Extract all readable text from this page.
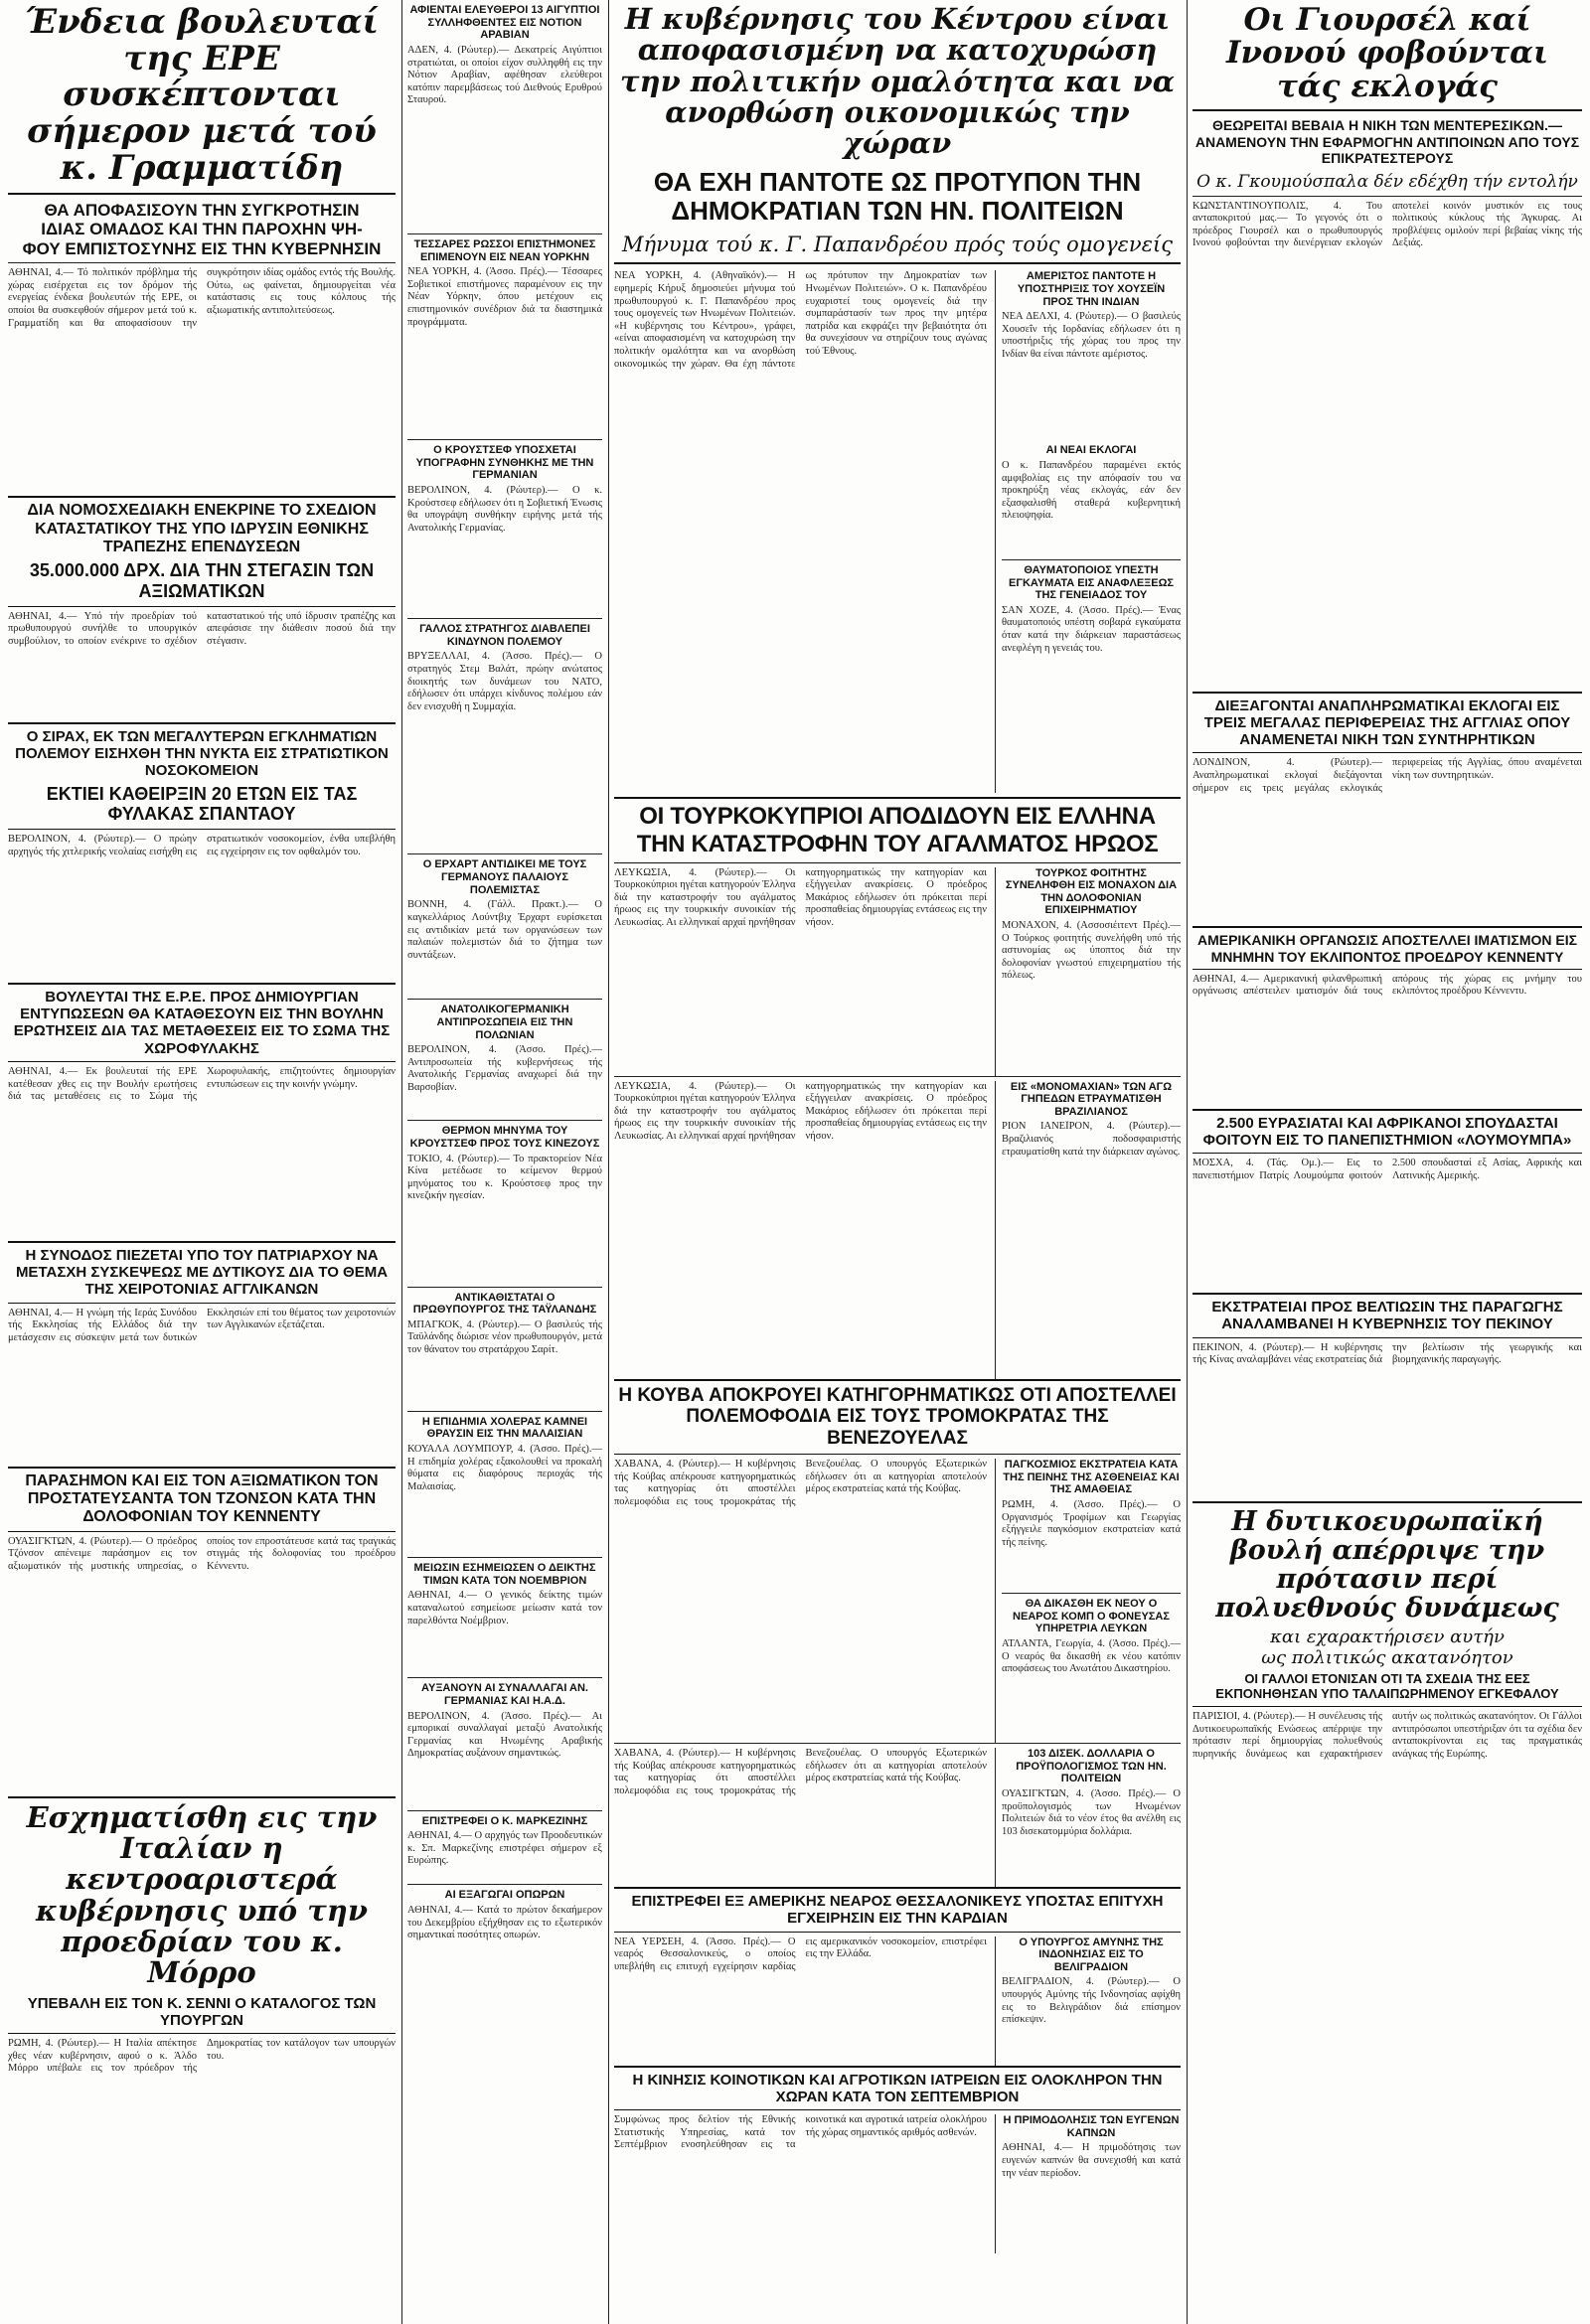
Ένδεια βουλευταί της ΕΡΕ συσκέπτονται σήμερον μετά τού κ. Γραμματίδη

ΘΑ ΑΠΟΦΑΣΙΣΟΥΝ ΤΗΝ ΣΥΓΚΡΟΤΗΣΙΝ

ΙΔΙΑΣ ΟΜΑΔΟΣ ΚΑΙ ΤΗΝ ΠΑΡΟΧΗΝ ΨΗ-

ΦΟΥ ΕΜΠΙΣΤΟΣΥΝΗΣ ΕΙΣ ΤΗΝ ΚΥΒΕΡΝΗΣΙΝ

ΑΘΗΝΑΙ, 4.— Τό πολιτικόν πρόβλημα τής χώρας εισέρχεται εις τον δρόμον τής ενεργείας ένδεκα βουλευτών τής ΕΡΕ, οι οποίοι θα συσκεφθούν σήμερον μετά τού κ. Γραμματίδη και θα αποφασίσουν την συγκρότησιν ιδίας ομάδος εντός τής Βουλής. Ούτω, ως φαίνεται, δημιουργείται νέα κατάστασις εις τους κόλπους τής αξιωματικής αντιπολιτεύσεως.

ΔΙΑ ΝΟΜΟΣΧΕΔΙΑΚΗ ΕΝΕΚΡΙΝΕ ΤΟ ΣΧΕΔΙΟΝ ΚΑΤΑΣΤΑΤΙΚΟΥ ΤΗΣ ΥΠΟ ΙΔΡΥΣΙΝ ΕΘΝΙΚΗΣ ΤΡΑΠΕΖΗΣ ΕΠΕΝΔΥΣΕΩΝ

35.000.000 ΔΡΧ. ΔΙΑ ΤΗΝ ΣΤΕΓΑΣΙΝ ΤΩΝ ΑΞΙΩΜΑΤΙΚΩΝ

ΑΘΗΝΑΙ, 4.— Υπό τήν προεδρίαν τού πρωθυπουργού συνήλθε το υπουργικόν συμβούλιον, το οποίον ενέκρινε το σχέδιον καταστατικού τής υπό ίδρυσιν τραπέζης και απεφάσισε την διάθεσιν ποσού διά την στέγασιν.

Ο ΣΙΡΑΧ, ΕΚ ΤΩΝ ΜΕΓΑΛΥΤΕΡΩΝ ΕΓΚΛΗΜΑΤΙΩΝ ΠΟΛΕΜΟΥ ΕΙΣΗΧΘΗ ΤΗΝ ΝΥΚΤΑ ΕΙΣ ΣΤΡΑΤΙΩΤΙΚΟΝ ΝΟΣΟΚΟΜΕΙΟΝ

ΕΚΤΙΕΙ ΚΑΘΕΙΡΞΙΝ 20 ΕΤΩΝ ΕΙΣ ΤΑΣ ΦΥΛΑΚΑΣ ΣΠΑΝΤΑΟΥ

ΒΕΡΟΛΙΝΟΝ, 4. (Ρώυτερ).— Ο πρώην αρχηγός τής χιτλερικής νεολαίας εισήχθη εις στρατιωτικόν νοσοκομείον, ένθα υπεβλήθη εις εγχείρησιν εις τον οφθαλμόν του.

ΒΟΥΛΕΥΤΑΙ ΤΗΣ Ε.Ρ.Ε. ΠΡΟΣ ΔΗΜΙΟΥΡΓΙΑΝ ΕΝΤΥΠΩΣΕΩΝ ΘΑ ΚΑΤΑΘΕΣΟΥΝ ΕΙΣ ΤΗΝ ΒΟΥΛΗΝ ΕΡΩΤΗΣΕΙΣ ΔΙΑ ΤΑΣ ΜΕΤΑΘΕΣΕΙΣ ΕΙΣ ΤΟ ΣΩΜΑ ΤΗΣ ΧΩΡΟΦΥΛΑΚΗΣ

ΑΘΗΝΑΙ, 4.— Εκ βουλευταί τής ΕΡΕ κατέθεσαν χθες εις την Βουλήν ερωτήσεις διά τας μεταθέσεις εις το Σώμα τής Χωροφυλακής, επιζητούντες δημιουργίαν εντυπώσεων εις την κοινήν γνώμην.

Η ΣΥΝΟΔΟΣ ΠΙΕΖΕΤΑΙ ΥΠΟ ΤΟΥ ΠΑΤΡΙΑΡΧΟΥ ΝΑ ΜΕΤΑΣΧΗ ΣΥΣΚΕΨΕΩΣ ΜΕ ΔΥΤΙΚΟΥΣ ΔΙΑ ΤΟ ΘΕΜΑ ΤΗΣ ΧΕΙΡΟΤΟΝΙΑΣ ΑΓΓΛΙΚΑΝΩΝ

ΑΘΗΝΑΙ, 4.— Η γνώμη τής Ιεράς Συνόδου τής Εκκλησίας τής Ελλάδος διά την μετάσχεσιν εις σύσκεψιν μετά των δυτικών Εκκλησιών επί του θέματος των χειροτονιών των Αγγλικανών εξετάζεται.

ΠΑΡΑΣΗΜΟΝ ΚΑΙ ΕΙΣ ΤΟΝ ΑΞΙΩΜΑΤΙΚΟΝ ΤΟΝ ΠΡΟΣΤΑΤΕΥΣΑΝΤΑ ΤΟΝ ΤΖΟΝΣΟΝ ΚΑΤΑ ΤΗΝ ΔΟΛΟΦΟΝΙΑΝ ΤΟΥ ΚΕΝΝΕΝΤΥ

ΟΥΑΣΙΓΚΤΩΝ, 4. (Ρώυτερ).— Ο πρόεδρος Τζόνσον απένειμε παράσημον εις τον αξιωματικόν τής μυστικής υπηρεσίας, ο οποίος τον επροστάτευσε κατά τας τραγικάς στιγμάς τής δολοφονίας του προέδρου Κέννεντυ.

Εσχηματίσθη εις την Ιταλίαν η κεντροαριστερά κυβέρνησις υπό την προεδρίαν του κ. Μόρρο

ΥΠΕΒΑΛΗ ΕΙΣ ΤΟΝ Κ. ΣΕΝΝΙ Ο ΚΑΤΑΛΟΓΟΣ ΤΩΝ ΥΠΟΥΡΓΩΝ

ΡΩΜΗ, 4. (Ρώυτερ).— Η Ιταλία απέκτησε χθες νέαν κυβέρνησιν, αφού ο κ. Άλδο Μόρρο υπέβαλε εις τον πρόεδρον τής Δημοκρατίας τον κατάλογον των υπουργών του.

ΑΦΙΕΝΤΑΙ ΕΛΕΥΘΕΡΟΙ 13 ΑΙΓΥΠΤΙΟΙ ΣΥΛΛΗΦΘΕΝΤΕΣ ΕΙΣ ΝΟΤΙΟΝ ΑΡΑΒΙΑΝ

ΑΔΕΝ, 4. (Ρώυτερ).— Δεκατρείς Αιγύπτιοι στρατιώται, οι οποίοι είχον συλληφθή εις την Νότιον Αραβίαν, αφέθησαν ελεύθεροι κατόπιν παρεμβάσεως τού Διεθνούς Ερυθρού Σταυρού.

ΤΕΣΣΑΡΕΣ ΡΩΣΣΟΙ ΕΠΙΣΤΗΜΟΝΕΣ ΕΠΙΜΕΝΟΥΝ ΕΙΣ ΝΕΑΝ ΥΟΡΚΗΝ

ΝΕΑ ΥΟΡΚΗ, 4. (Άσσο. Πρές).— Τέσσαρες Σοβιετικοί επιστήμονες παραμένουν εις την Νέαν Υόρκην, όπου μετέχουν εις επιστημονικόν συνέδριον διά τα διαστημικά προγράμματα.

Ο ΚΡΟΥΣΤΣΕΦ ΥΠΟΣΧΕΤΑΙ ΥΠΟΓΡΑΦΗΝ ΣΥΝΘΗΚΗΣ ΜΕ ΤΗΝ ΓΕΡΜΑΝΙΑΝ

ΒΕΡΟΛΙΝΟΝ, 4. (Ρώυτερ).— Ο κ. Κρούστσεφ εδήλωσεν ότι η Σοβιετική Ένωσις θα υπογράψη συνθήκην ειρήνης μετά τής Ανατολικής Γερμανίας.

ΓΑΛΛΟΣ ΣΤΡΑΤΗΓΟΣ ΔΙΑΒΛΕΠΕΙ ΚΙΝΔΥΝΟΝ ΠΟΛΕΜΟΥ

ΒΡΥΞΕΛΛΑΙ, 4. (Άσσο. Πρές).— Ο στρατηγός Στεμ Βαλάτ, πρώην ανώτατος διοικητής των δυνάμεων του ΝΑΤΟ, εδήλωσεν ότι υπάρχει κίνδυνος πολέμου εάν δεν ενισχυθή η Συμμαχία.

Ο ΕΡΧΑΡΤ ΑΝΤΙΔΙΚΕΙ ΜΕ ΤΟΥΣ ΓΕΡΜΑΝΟΥΣ ΠΑΛΑΙΟΥΣ ΠΟΛΕΜΙΣΤΑΣ

ΒΟΝΝΗ, 4. (Γάλλ. Πρακτ.).— Ο καγκελλάριος Λούντβιχ Έρχαρτ ευρίσκεται εις αντιδικίαν μετά των οργανώσεων των παλαιών πολεμιστών διά το ζήτημα των συντάξεων.

ΑΝΑΤΟΛΙΚΟΓΕΡΜΑΝΙΚΗ ΑΝΤΙΠΡΟΣΩΠΕΙΑ ΕΙΣ ΤΗΝ ΠΟΛΩΝΙΑΝ

ΒΕΡΟΛΙΝΟΝ, 4. (Άσσο. Πρές).— Αντιπροσωπεία τής κυβερνήσεως τής Ανατολικής Γερμανίας αναχωρεί διά την Βαρσοβίαν.

ΘΕΡΜΟΝ ΜΗΝΥΜΑ ΤΟΥ ΚΡΟΥΣΤΣΕΦ ΠΡΟΣ ΤΟΥΣ ΚΙΝΕΖΟΥΣ

ΤΟΚΙΟ, 4. (Ρώυτερ).— Το πρακτορείον Νέα Κίνα μετέδωσε το κείμενον θερμού μηνύματος του κ. Κρούστσεφ προς την κινεζικήν ηγεσίαν.

ΑΝΤΙΚΑΘΙΣΤΑΤΑΙ Ο ΠΡΩΘΥΠΟΥΡΓΟΣ ΤΗΣ ΤΑΫΛΑΝΔΗΣ

ΜΠΑΓΚΟΚ, 4. (Ρώυτερ).— Ο βασιλεύς τής Ταϋλάνδης διώρισε νέον πρωθυπουργόν, μετά τον θάνατον του στρατάρχου Σαρίτ.

Η ΕΠΙΔΗΜΙΑ ΧΟΛΕΡΑΣ ΚΑΜΝΕΙ ΘΡΑΥΣΙΝ ΕΙΣ ΤΗΝ ΜΑΛΑΙΣΙΑΝ

ΚΟΥΑΛΑ ΛΟΥΜΠΟΥΡ, 4. (Άσσο. Πρές).— Η επιδημία χολέρας εξακολουθεί να προκαλή θύματα εις διαφόρους περιοχάς τής Μαλαισίας.

ΜΕΙΩΣΙΝ ΕΣΗΜΕΙΩΣΕΝ Ο ΔΕΙΚΤΗΣ ΤΙΜΩΝ ΚΑΤΑ ΤΟΝ ΝΟΕΜΒΡΙΟΝ

ΑΘΗΝΑΙ, 4.— Ο γενικός δείκτης τιμών καταναλωτού εσημείωσε μείωσιν κατά τον παρελθόντα Νοέμβριον.

ΑΥΞΑΝΟΥΝ ΑΙ ΣΥΝΑΛΛΑΓΑΙ ΑΝ. ΓΕΡΜΑΝΙΑΣ ΚΑΙ Η.Α.Δ.

ΒΕΡΟΛΙΝΟΝ, 4. (Άσσο. Πρές).— Αι εμπορικαί συναλλαγαί μεταξύ Ανατολικής Γερμανίας και Ηνωμένης Αραβικής Δημοκρατίας αυξάνουν σημαντικώς.

ΕΠΙΣΤΡΕΦΕΙ Ο Κ. ΜΑΡΚΕΖΙΝΗΣ

ΑΘΗΝΑΙ, 4.— Ο αρχηγός των Προοδευτικών κ. Σπ. Μαρκεζίνης επιστρέφει σήμερον εξ Ευρώπης.

ΑΙ ΕΞΑΓΩΓΑΙ ΟΠΩΡΩΝ

ΑΘΗΝΑΙ, 4.— Κατά το πρώτον δεκαήμερον του Δεκεμβρίου εξήχθησαν εις το εξωτερικόν σημαντικαί ποσότητες οπωρών.

Η κυβέρνησις του Κέντρου είναι αποφασισμένη να κατοχυρώση την πολιτικήν ομαλότητα και να ανορθώση οικονομικώς την χώραν

ΘΑ ΕΧΗ ΠΑΝΤΟΤΕ ΩΣ ΠΡΟΤΥΠΟΝ ΤΗΝ ΔΗΜΟΚΡΑΤΙΑΝ ΤΩΝ ΗΝ. ΠΟΛΙΤΕΙΩΝ

Μήνυμα τού κ. Γ. Παπανδρέου πρός τούς ομογενείς

ΝΕΑ ΥΟΡΚΗ, 4. (Αθηναϊκόν).— Η εφημερίς Κήρυξ δημοσιεύει μήνυμα τού πρωθυπουργού κ. Γ. Παπανδρέου προς τους ομογενείς των Ηνωμένων Πολιτειών. «Η κυβέρνησις του Κέντρου», γράφει, «είναι αποφασισμένη να κατοχυρώση την πολιτικήν ομαλότητα και να ανορθώση οικονομικώς την χώραν. Θα έχη πάντοτε ως πρότυπον την Δημοκρατίαν των Ηνωμένων Πολιτειών». Ο κ. Παπανδρέου ευχαριστεί τους ομογενείς διά την συμπαράστασίν των προς την μητέρα πατρίδα και εκφράζει την βεβαιότητα ότι θα συνεχίσουν να στηρίζουν τους αγώνας τού Έθνους.

ΑΜΕΡΙΣΤΟΣ ΠΑΝΤΟΤΕ Η ΥΠΟΣΤΗΡΙΞΙΣ ΤΟΥ ΧΟΥΣΕΪΝ ΠΡΟΣ ΤΗΝ ΙΝΔΙΑΝ

ΝΕΑ ΔΕΛΧΙ, 4. (Ρώυτερ).— Ο βασιλεύς Χουσεΐν τής Ιορδανίας εδήλωσεν ότι η υποστήριξις τής χώρας του προς την Ινδίαν θα είναι πάντοτε αμέριστος.

ΑΙ ΝΕΑΙ ΕΚΛΟΓΑΙ

Ο κ. Παπανδρέου παραμένει εκτός αμφιβολίας εις την απόφασίν του να προκηρύξη νέας εκλογάς, εάν δεν εξασφαλισθή σταθερά κυβερνητική πλειοψηφία.

ΘΑΥΜΑΤΟΠΟΙΟΣ ΥΠΕΣΤΗ ΕΓΚΑΥΜΑΤΑ ΕΙΣ ΑΝΑΦΛΕΞΕΩΣ ΤΗΣ ΓΕΝΕΙΑΔΟΣ ΤΟΥ

ΣΑΝ ΧΟΖΕ, 4. (Άσσο. Πρές).— Ένας θαυματοποιός υπέστη σοβαρά εγκαύματα όταν κατά την διάρκειαν παραστάσεως ανεφλέγη η γενειάς του.

ΟΙ ΤΟΥΡΚΟΚΥΠΡΙΟΙ ΑΠΟΔΙΔΟΥΝ ΕΙΣ ΕΛΛΗΝΑ ΤΗΝ ΚΑΤΑΣΤΡΟΦΗΝ ΤΟΥ ΑΓΑΛΜΑΤΟΣ ΗΡΩΟΣ

ΛΕΥΚΩΣΙΑ, 4. (Ρώυτερ).— Οι Τουρκοκύπριοι ηγέται κατηγορούν Έλληνα διά την καταστροφήν του αγάλματος ήρωος εις την τουρκικήν συνοικίαν τής Λευκωσίας. Αι ελληνικαί αρχαί ηρνήθησαν κατηγορηματικώς την κατηγορίαν και εξήγγειλαν ανακρίσεις. Ο πρόεδρος Μακάριος εδήλωσεν ότι πρόκειται περί προσπαθείας δημιουργίας εντάσεως εις την νήσον.

ΤΟΥΡΚΟΣ ΦΟΙΤΗΤΗΣ ΣΥΝΕΛΗΦΘΗ ΕΙΣ ΜΟΝΑΧΟΝ ΔΙΑ ΤΗΝ ΔΟΛΟΦΟΝΙΑΝ ΕΠΙΧΕΙΡΗΜΑΤΙΟΥ

ΜΟΝΑΧΟΝ, 4. (Ασσοσιέιτεντ Πρές).— Ο Τούρκος φοιτητής συνελήφθη υπό τής αστυνομίας ως ύποπτος διά την δολοφονίαν γνωστού επιχειρηματίου τής πόλεως.

ΛΕΥΚΩΣΙΑ, 4. (Ρώυτερ).— Οι Τουρκοκύπριοι ηγέται κατηγορούν Έλληνα διά την καταστροφήν του αγάλματος ήρωος εις την τουρκικήν συνοικίαν τής Λευκωσίας. Αι ελληνικαί αρχαί ηρνήθησαν κατηγορηματικώς την κατηγορίαν και εξήγγειλαν ανακρίσεις. Ο πρόεδρος Μακάριος εδήλωσεν ότι πρόκειται περί προσπαθείας δημιουργίας εντάσεως εις την νήσον.

ΕΙΣ «ΜΟΝΟΜΑΧΙΑΝ» ΤΩΝ ΑΓΩ ΓΗΠΕΔΩΝ ΕΤΡΑΥΜΑΤΙΣΘΗ ΒΡΑΖΙΛΙΑΝΟΣ

ΡΙΟΝ ΙΑΝΕΪΡΟΝ, 4. (Ρώυτερ).— Βραζιλιανός ποδοσφαιριστής ετραυματίσθη κατά την διάρκειαν αγώνος.

Η ΚΟΥΒΑ ΑΠΟΚΡΟΥΕΙ ΚΑΤΗΓΟΡΗΜΑΤΙΚΩΣ ΟΤΙ ΑΠΟΣΤΕΛΛΕΙ ΠΟΛΕΜΟΦΟΔΙΑ ΕΙΣ ΤΟΥΣ ΤΡΟΜΟΚΡΑΤΑΣ ΤΗΣ ΒΕΝΕΖΟΥΕΛΑΣ

ΧΑΒΑΝΑ, 4. (Ρώυτερ).— Η κυβέρνησις τής Κούβας απέκρουσε κατηγορηματικώς τας κατηγορίας ότι αποστέλλει πολεμοφόδια εις τους τρομοκράτας τής Βενεζουέλας. Ο υπουργός Εξωτερικών εδήλωσεν ότι αι κατηγορίαι αποτελούν μέρος εκστρατείας κατά τής Κούβας.

ΠΑΓΚΟΣΜΙΟΣ ΕΚΣΤΡΑΤΕΙΑ ΚΑΤΑ ΤΗΣ ΠΕΙΝΗΣ ΤΗΣ ΑΣΘΕΝΕΙΑΣ ΚΑΙ ΤΗΣ ΑΜΑΘΕΙΑΣ

ΡΩΜΗ, 4. (Άσσο. Πρές).— Ο Οργανισμός Τροφίμων και Γεωργίας εξήγγειλε παγκόσμιον εκστρατείαν κατά τής πείνης.

ΘΑ ΔΙΚΑΣΘΗ ΕΚ ΝΕΟΥ Ο ΝΕΑΡΟΣ ΚΟΜΠ Ο ΦΟΝΕΥΣΑΣ ΥΠΗΡΕΤΡΙΑ ΛΕΥΚΩΝ

ΑΤΛΑΝΤΑ, Γεωργία, 4. (Άσσο. Πρές).— Ο νεαρός θα δικασθή εκ νέου κατόπιν αποφάσεως του Ανωτάτου Δικαστηρίου.

ΧΑΒΑΝΑ, 4. (Ρώυτερ).— Η κυβέρνησις τής Κούβας απέκρουσε κατηγορηματικώς τας κατηγορίας ότι αποστέλλει πολεμοφόδια εις τους τρομοκράτας τής Βενεζουέλας. Ο υπουργός Εξωτερικών εδήλωσεν ότι αι κατηγορίαι αποτελούν μέρος εκστρατείας κατά τής Κούβας.

103 ΔΙΣΕΚ. ΔΟΛΛΑΡΙΑ Ο ΠΡΟΫΠΟΛΟΓΙΣΜΟΣ ΤΩΝ ΗΝ. ΠΟΛΙΤΕΙΩΝ

ΟΥΑΣΙΓΚΤΩΝ, 4. (Άσσο. Πρές).— Ο προϋπολογισμός των Ηνωμένων Πολιτειών διά το νέον έτος θα ανέλθη εις 103 δισεκατομμύρια δολλάρια.

ΕΠΙΣΤΡΕΦΕΙ ΕΞ ΑΜΕΡΙΚΗΣ ΝΕΑΡΟΣ ΘΕΣΣΑΛΟΝΙΚΕΥΣ ΥΠΟΣΤΑΣ ΕΠΙΤΥΧΗ ΕΓΧΕΙΡΗΣΙΝ ΕΙΣ ΤΗΝ ΚΑΡΔΙΑΝ

ΝΕΑ ΥΕΡΣΕΗ, 4. (Άσσο. Πρές).— Ο νεαρός Θεσσαλονικεύς, ο οποίος υπεβλήθη εις επιτυχή εγχείρησιν καρδίας εις αμερικανικόν νοσοκομείον, επιστρέφει εις την Ελλάδα.

Ο ΥΠΟΥΡΓΟΣ ΑΜΥΝΗΣ ΤΗΣ ΙΝΔΟΝΗΣΙΑΣ ΕΙΣ ΤΟ ΒΕΛΙΓΡΑΔΙΟΝ

ΒΕΛΙΓΡΑΔΙΟΝ, 4. (Ρώυτερ).— Ο υπουργός Αμύνης τής Ινδονησίας αφίχθη εις το Βελιγράδιον διά επίσημον επίσκεψιν.

Η ΚΙΝΗΣΙΣ ΚΟΙΝΟΤΙΚΩΝ ΚΑΙ ΑΓΡΟΤΙΚΩΝ ΙΑΤΡΕΙΩΝ ΕΙΣ ΟΛΟΚΛΗΡΟΝ ΤΗΝ ΧΩΡΑΝ ΚΑΤΑ ΤΟΝ ΣΕΠΤΕΜΒΡΙΟΝ

Συμφώνως προς δελτίον τής Εθνικής Στατιστικής Υπηρεσίας, κατά τον Σεπτέμβριον ενοσηλεύθησαν εις τα κοινοτικά και αγροτικά ιατρεία ολοκλήρου τής χώρας σημαντικός αριθμός ασθενών.

Η ΠΡΙΜΟΔΟΛΗΣΙΣ ΤΩΝ ΕΥΓΕΝΩΝ ΚΑΠΝΩΝ

ΑΘΗΝΑΙ, 4.— Η πριμοδότησις των ευγενών καπνών θα συνεχισθή και κατά την νέαν περίοδον.

Οι Γιουρσέλ καί Ινονού φοβούνται τάς εκλογάς

ΘΕΩΡΕΙΤΑΙ ΒΕΒΑΙΑ Η ΝΙΚΗ ΤΩΝ ΜΕΝΤΕΡΕΣΙΚΩΝ.— ΑΝΑΜΕΝΟΥΝ ΤΗΝ ΕΦΑΡΜΟΓΗΝ ΑΝΤΙΠΟΙΝΩΝ ΑΠΟ ΤΟΥΣ ΕΠΙΚΡΑΤΕΣΤΕΡΟΥΣ

Ο κ. Γκουμούσπαλα δέν εδέχθη τήν εντολήν

ΚΩΝΣΤΑΝΤΙΝΟΥΠΟΛΙΣ, 4. Του ανταποκριτού μας.— Το γεγονός ότι ο πρόεδρος Γιουρσέλ και ο πρωθυπουργός Ινονού φοβούνται την διενέργειαν εκλογών αποτελεί κοινόν μυστικόν εις τους πολιτικούς κύκλους τής Άγκυρας. Αι προβλέψεις ομιλούν περί βεβαίας νίκης τής Δεξιάς.

ΔΙΕΞΑΓΟΝΤΑΙ ΑΝΑΠΛΗΡΩΜΑΤΙΚΑΙ ΕΚΛΟΓΑΙ ΕΙΣ ΤΡΕΙΣ ΜΕΓΑΛΑΣ ΠΕΡΙΦΕΡΕΙΑΣ ΤΗΣ ΑΓΓΛΙΑΣ ΟΠΟΥ ΑΝΑΜΕΝΕΤΑΙ ΝΙΚΗ ΤΩΝ ΣΥΝΤΗΡΗΤΙΚΩΝ

ΛΟΝΔΙΝΟΝ, 4. (Ρώυτερ).— Αναπληρωματικαί εκλογαί διεξάγονται σήμερον εις τρεις μεγάλας εκλογικάς περιφερείας τής Αγγλίας, όπου αναμένεται νίκη των συντηρητικών.

ΑΜΕΡΙΚΑΝΙΚΗ ΟΡΓΑΝΩΣΙΣ ΑΠΟΣΤΕΛΛΕΙ ΙΜΑΤΙΣΜΟΝ ΕΙΣ ΜΝΗΜΗΝ ΤΟΥ ΕΚΛΙΠΟΝΤΟΣ ΠΡΟΕΔΡΟΥ ΚΕΝΝΕΝΤΥ

ΑΘΗΝΑΙ, 4.— Αμερικανική φιλανθρωπική οργάνωσις απέστειλεν ιματισμόν διά τους απόρους τής χώρας εις μνήμην του εκλιπόντος προέδρου Κέννεντυ.

2.500 ΕΥΡΑΣΙΑΤΑΙ ΚΑΙ ΑΦΡΙΚΑΝΟΙ ΣΠΟΥΔΑΣΤΑΙ ΦΟΙΤΟΥΝ ΕΙΣ ΤΟ ΠΑΝΕΠΙΣΤΗΜΙΟΝ «ΛΟΥΜΟΥΜΠΑ»

ΜΟΣΧΑ, 4. (Τάς. Ομ.).— Εις το πανεπιστήμιον Πατρίς Λουμούμπα φοιτούν 2.500 σπουδασταί εξ Ασίας, Αφρικής και Λατινικής Αμερικής.

ΕΚΣΤΡΑΤΕΙΑΙ ΠΡΟΣ ΒΕΛΤΙΩΣΙΝ ΤΗΣ ΠΑΡΑΓΩΓΗΣ ΑΝΑΛΑΜΒΑΝΕΙ Η ΚΥΒΕΡΝΗΣΙΣ ΤΟΥ ΠΕΚΙΝΟΥ

ΠΕΚΙΝΟΝ, 4. (Ρώυτερ).— Η κυβέρνησις τής Κίνας αναλαμβάνει νέας εκστρατείας διά την βελτίωσιν τής γεωργικής και βιομηχανικής παραγωγής.

Η δυτικοευρωπαϊκή βουλή απέρριψε την πρότασιν περί πολυεθνούς δυνάμεως

και εχαρακτήρισεν αυτήν

ως πολιτικώς ακατανόητον

ΟΙ ΓΑΛΛΟΙ ΕΤΟΝΙΣΑΝ ΟΤΙ ΤΑ ΣΧΕΔΙΑ ΤΗΣ ΕΕΣ ΕΚΠΟΝΗΘΗΣΑΝ ΥΠΟ ΤΑΛΑΙΠΩΡΗΜΕΝΟΥ ΕΓΚΕΦΑΛΟΥ

ΠΑΡΙΣΙΟΙ, 4. (Ρώυτερ).— Η συνέλευσις τής Δυτικοευρωπαϊκής Ενώσεως απέρριψε την πρότασιν περί δημιουργίας πολυεθνούς πυρηνικής δυνάμεως και εχαρακτήρισεν αυτήν ως πολιτικώς ακατανόητον. Οι Γάλλοι αντιπρόσωποι υπεστήριξαν ότι τα σχέδια δεν ανταποκρίνονται εις τας πραγματικάς ανάγκας τής Ευρώπης.
